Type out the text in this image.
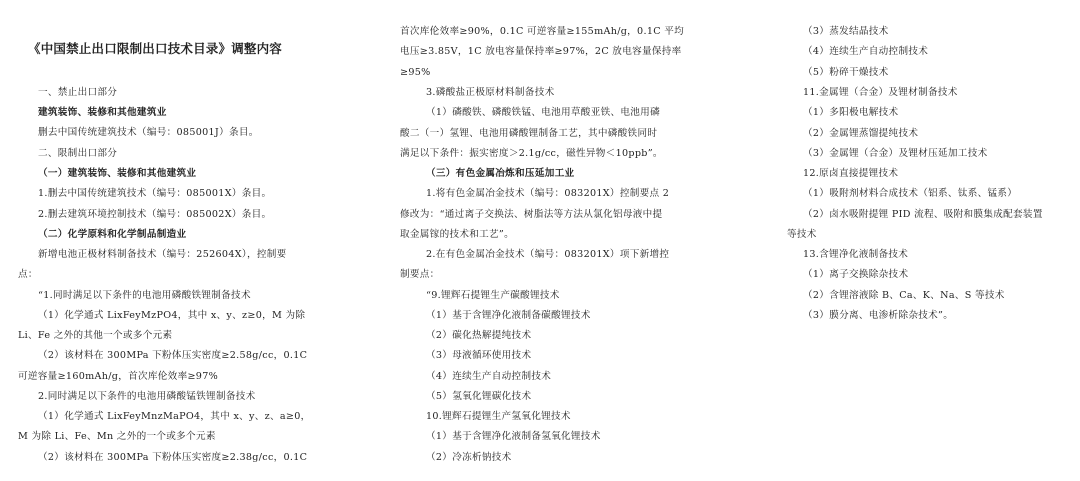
《中国禁止出口限制出口技术目录》调整内容
一、禁止出口部分
建筑装饰、装修和其他建筑业
删去中国传统建筑技术（编号：085001J）条目。
二、限制出口部分
（一）建筑装饰、装修和其他建筑业
1.删去中国传统建筑技术（编号：085001X）条目。
2.删去建筑环境控制技术（编号：085002X）条目。
（二）化学原料和化学制品制造业
新增电池正极材料制备技术（编号：252604X），控制要
点：
“1.同时满足以下条件的电池用磷酸铁锂制备技术
（1）化学通式 LixFeyMzPO4，其中 x、y、z≥0，M 为除
Li、Fe 之外的其他一个或多个元素
（2）该材料在 300MPa 下粉体压实密度≥2.58g/cc，0.1C
可逆容量≥160mAh/g，首次库伦效率≥97%
2.同时满足以下条件的电池用磷酸锰铁锂制备技术
（1）化学通式 LixFeyMnzMaPO4，其中 x、y、z、a≥0，
M 为除 Li、Fe、Mn 之外的一个或多个元素
（2）该材料在 300MPa 下粉体压实密度≥2.38g/cc，0.1C
首次库伦效率≥90%，0.1C 可逆容量≥155mAh/g，0.1C 平均
电压≥3.85V，1C 放电容量保持率≥97%，2C 放电容量保持率
≥95%
3.磷酸盐正极原材料制备技术
（1）磷酸铁、磷酸铁锰、电池用草酸亚铁、电池用磷
酸二（一）氢锂、电池用磷酸锂制备工艺，其中磷酸铁同时
满足以下条件：振实密度＞2.1g/cc，磁性异物＜10ppb”。
（三）有色金属冶炼和压延加工业
1.将有色金属冶金技术（编号：083201X）控制要点 2
修改为：“通过离子交换法、树脂法等方法从氯化铝母液中提
取金属镓的技术和工艺”。
2.在有色金属冶金技术（编号：083201X）项下新增控
制要点：
“9.锂辉石提锂生产碳酸锂技术
（1）基于含锂净化液制备碳酸锂技术
（2）碳化热解提纯技术
（3）母液循环使用技术
（4）连续生产自动控制技术
（5）氢氧化锂碳化技术
10.锂辉石提锂生产氢氧化锂技术
（1）基于含锂净化液制备氢氧化锂技术
（2）冷冻析钠技术
（3）蒸发结晶技术
（4）连续生产自动控制技术
（5）粉碎干燥技术
11.金属锂（合金）及锂材制备技术
（1）多阳极电解技术
（2）金属锂蒸馏提纯技术
（3）金属锂（合金）及锂材压延加工技术
12.原卤直接提锂技术
（1）吸附剂材料合成技术（铝系、钛系、锰系）
（2）卤水吸附提锂 PID 流程、吸附和膜集成配套装置
等技术
13.含锂净化液制备技术
（1）离子交换除杂技术
（2）含锂溶液除 B、Ca、K、Na、S 等技术
（3）膜分离、电渗析除杂技术”。
